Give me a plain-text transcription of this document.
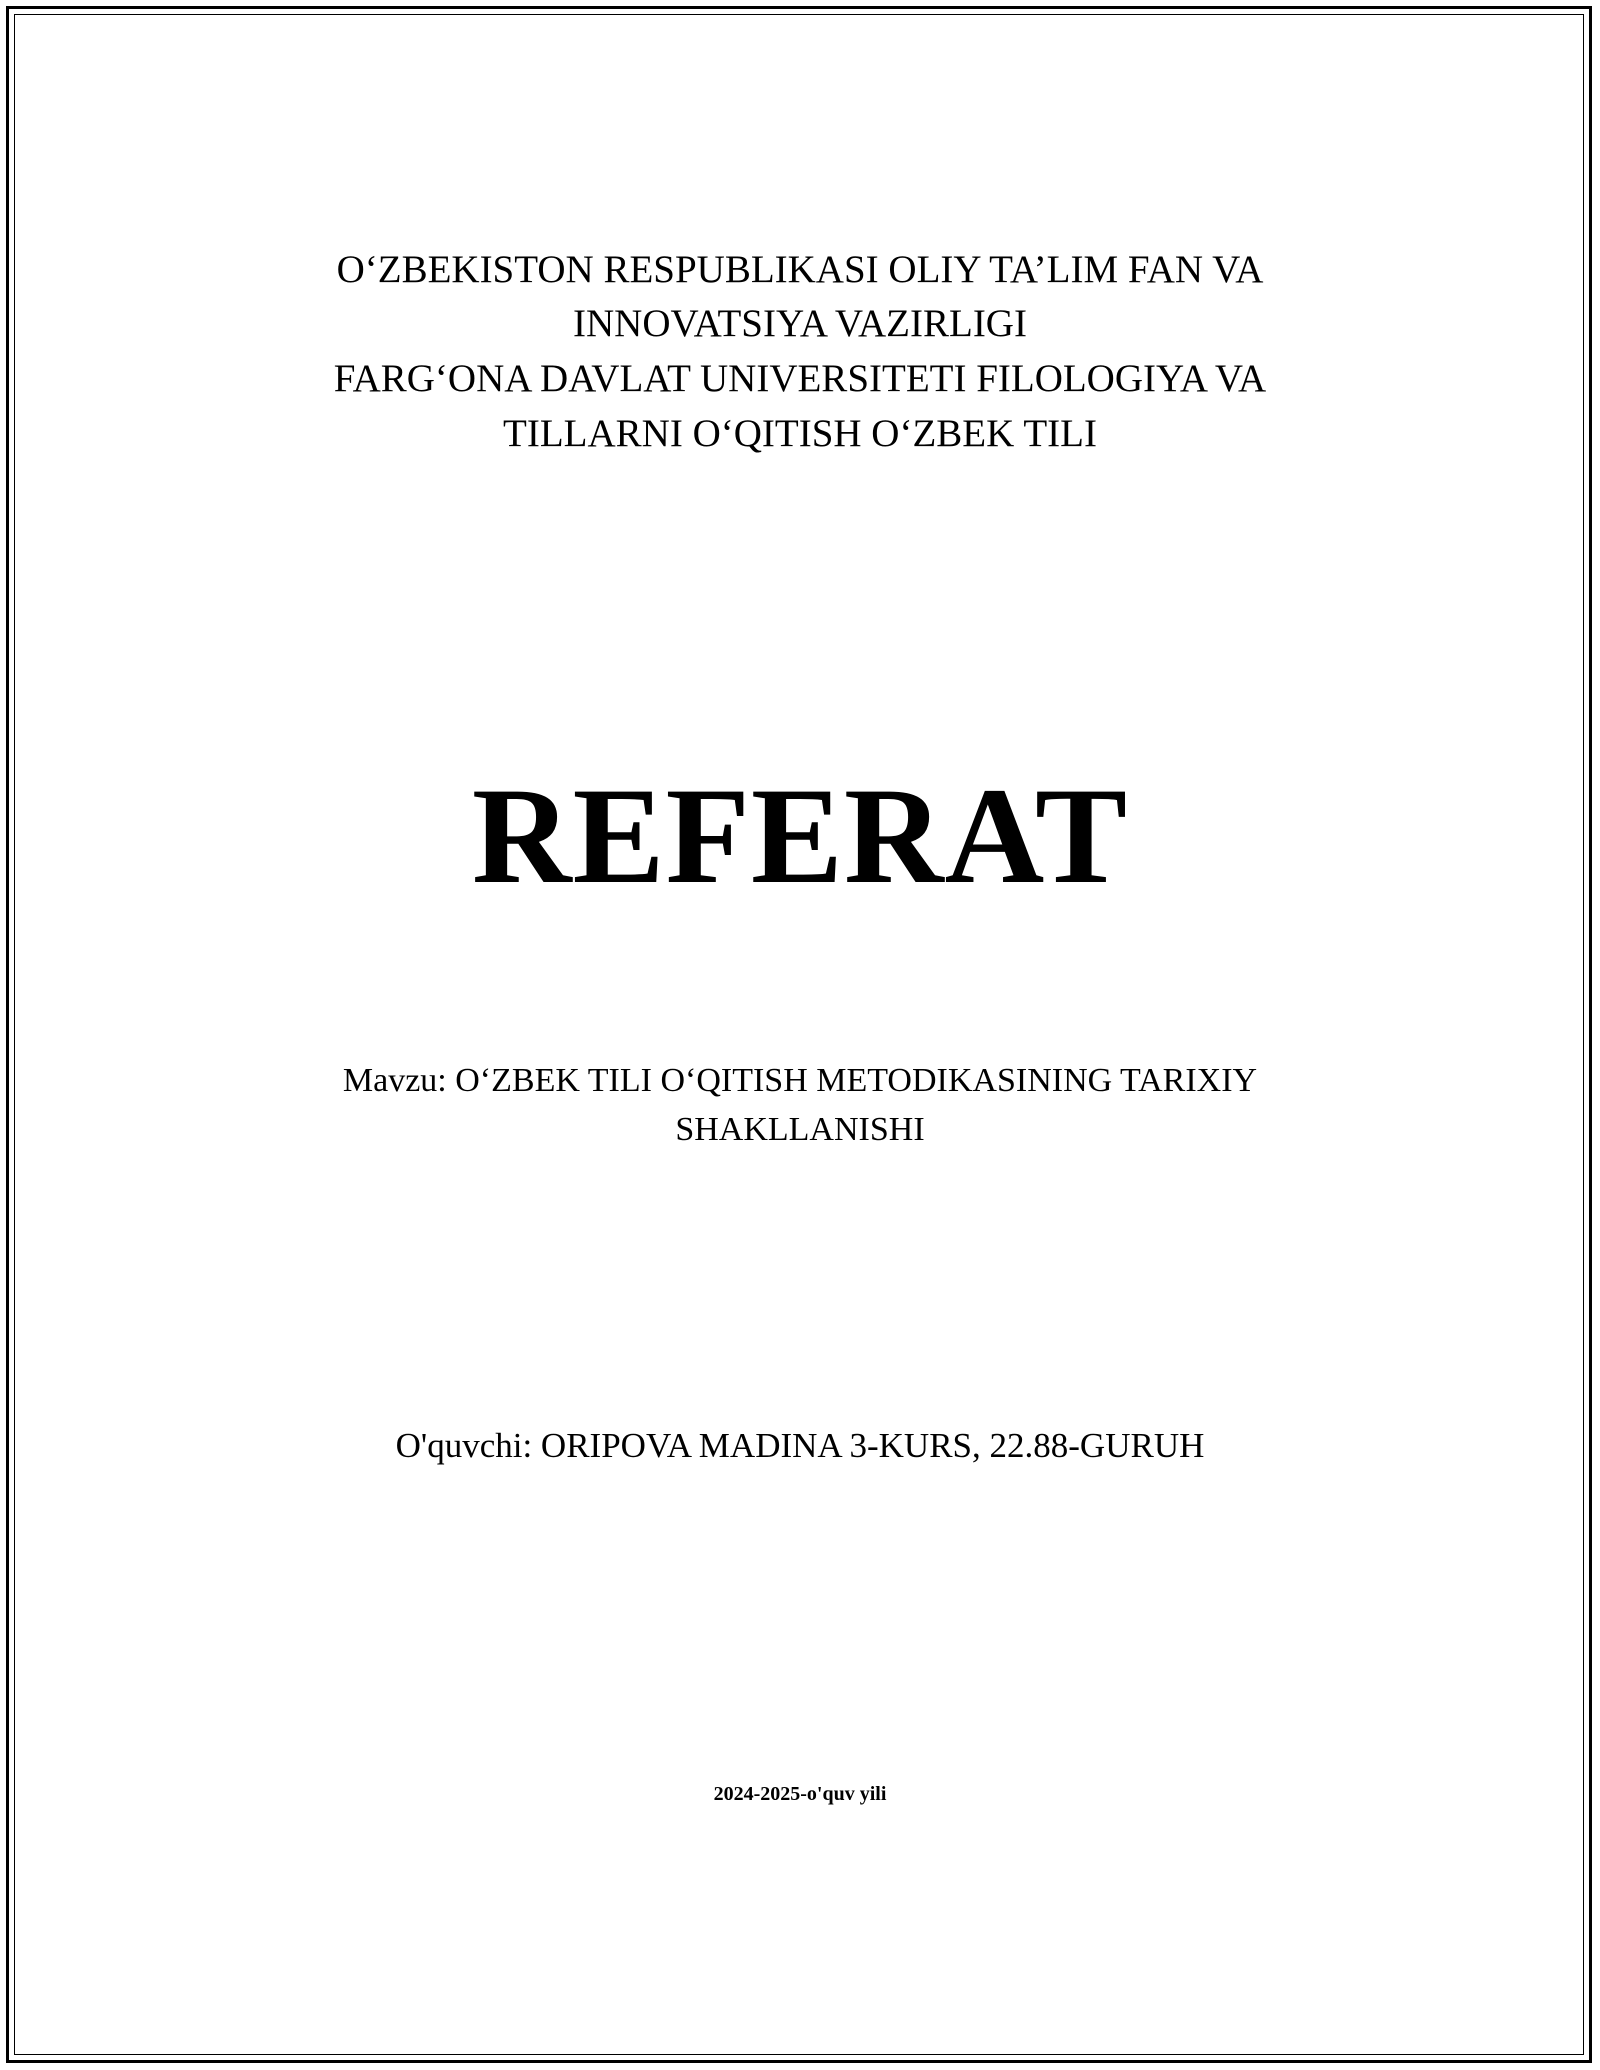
O‘ZBEKISTON RESPUBLIKASI OLIY TA’LIM FAN VA

INNOVATSIYA VAZIRLIGI

FARG‘ONA DAVLAT UNIVERSITETI FILOLOGIYA VA

TILLARNI O‘QITISH O‘ZBEK TILI

REFERAT

Mavzu: O‘ZBEK TILI O‘QITISH METODIKASINING TARIXIY

SHAKLLANISHI

O'quvchi: ORIPOVA MADINA 3-KURS, 22.88-GURUH

2024-2025-o'quv yili
